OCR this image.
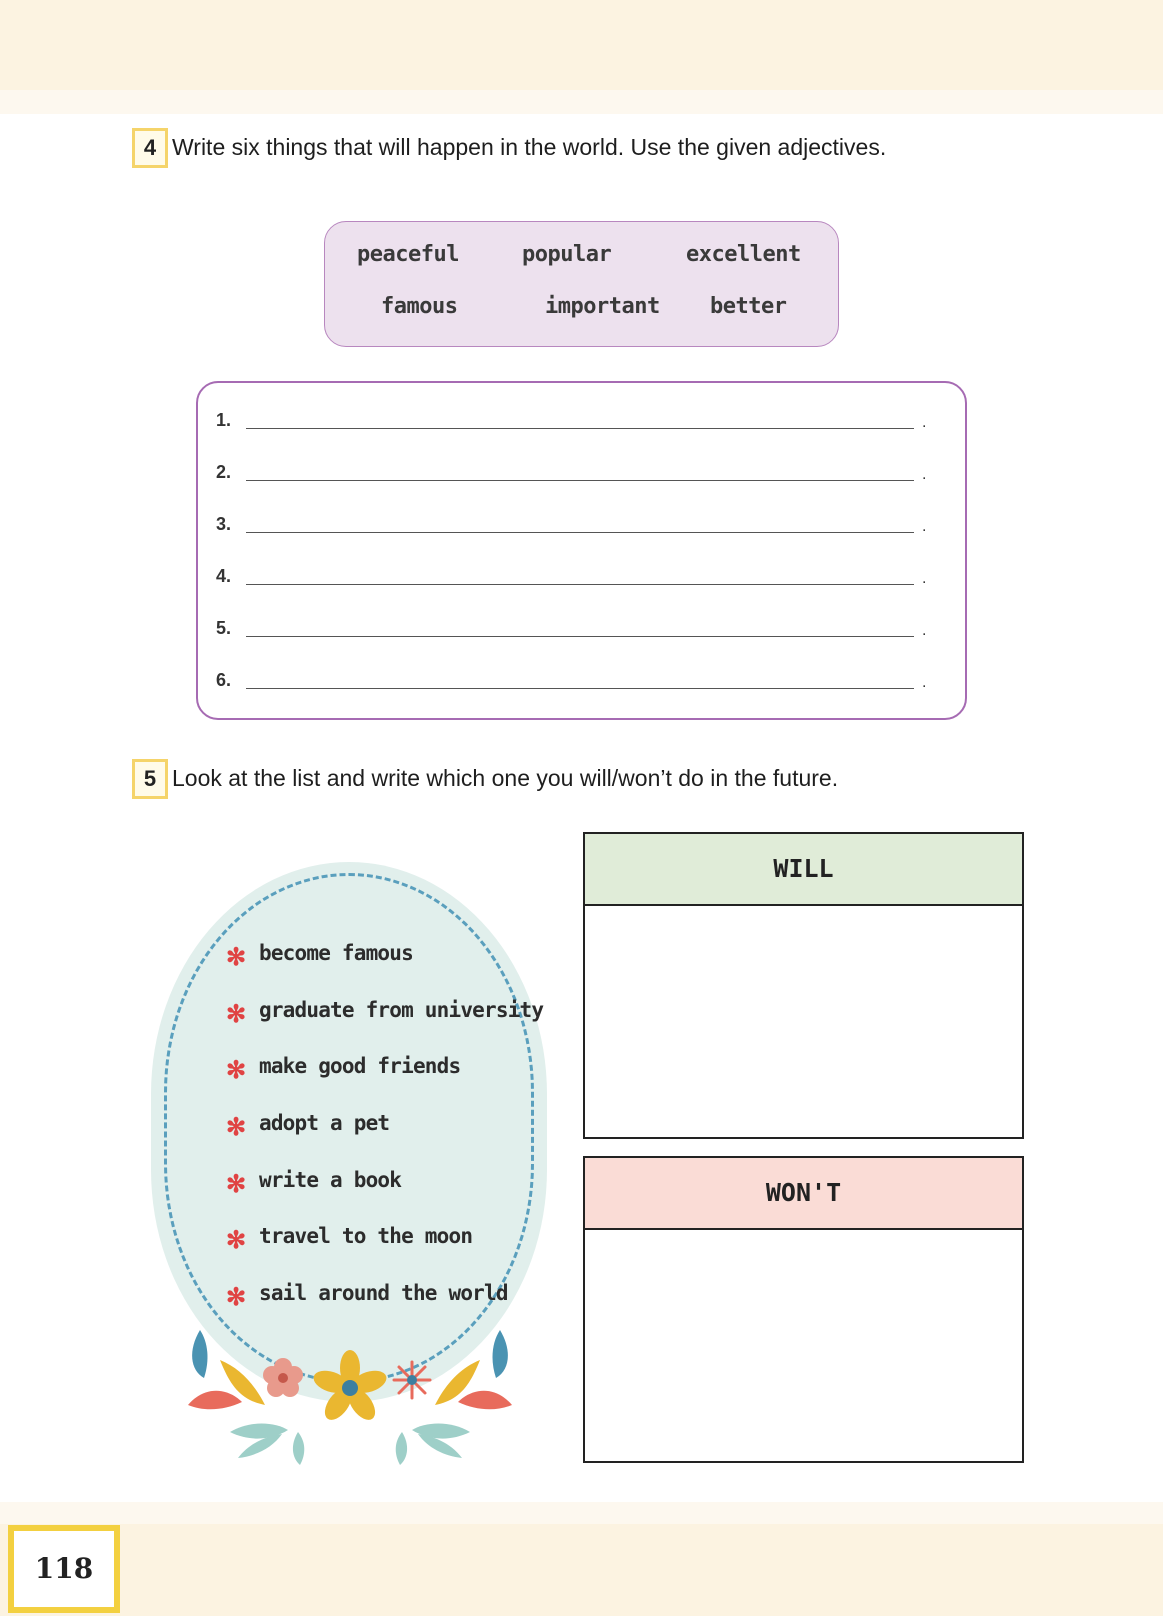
4 Write six things that will happen in the world. Use the given adjectives.
peaceful	popular	excellent
famous	important better
1.	.
2.	.
3.	.
4.	.
5.	.
6.	.
5 Look at the list and write which one you will/won’t do in the future.
✻ become famous
✻ graduate from university
✻ make good friends
✻ adopt a pet
✻ write a book
✻ travel to the moon
✻ sail around the world
WILL
WON'T
118
